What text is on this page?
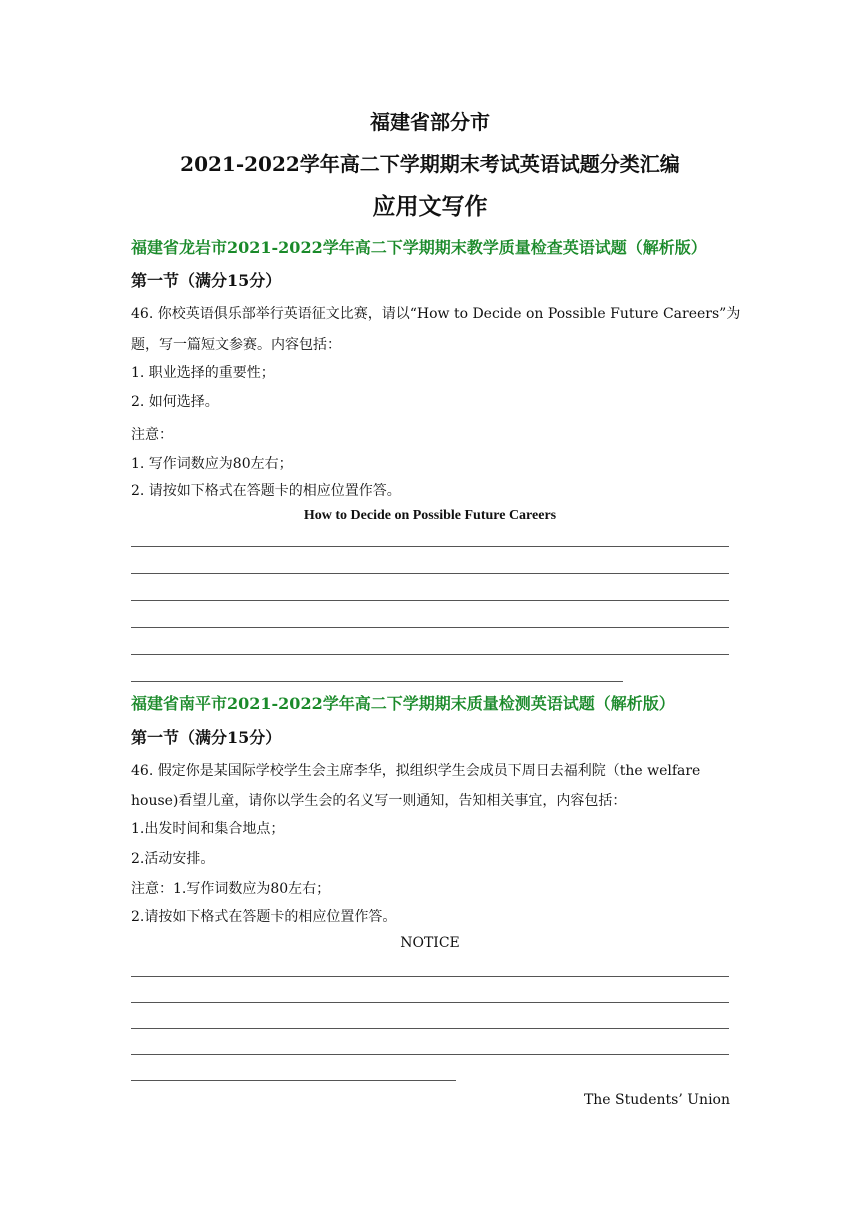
福建省部分市
2021-2022学年高二下学期期末考试英语试题分类汇编
应用文写作
福建省龙岩市2021-2022学年高二下学期期末教学质量检查英语试题（解析版）
第一节（满分15分）
46. 你校英语俱乐部举行英语征文比赛，请以“How to Decide on Possible Future Careers”为
题，写一篇短文参赛。内容包括：
1. 职业选择的重要性；
2. 如何选择。
注意：
1. 写作词数应为80左右；
2. 请按如下格式在答题卡的相应位置作答。
How to Decide on Possible Future Careers
福建省南平市2021-2022学年高二下学期期末质量检测英语试题（解析版）
第一节（满分15分）
46. 假定你是某国际学校学生会主席李华，拟组织学生会成员下周日去福利院（the welfare
house)看望儿童，请你以学生会的名义写一则通知，告知相关事宜，内容包括：
1.出发时间和集合地点；
2.活动安排。
注意：1.写作词数应为80左右；
2.请按如下格式在答题卡的相应位置作答。
NOTICE
The Students’ Union
